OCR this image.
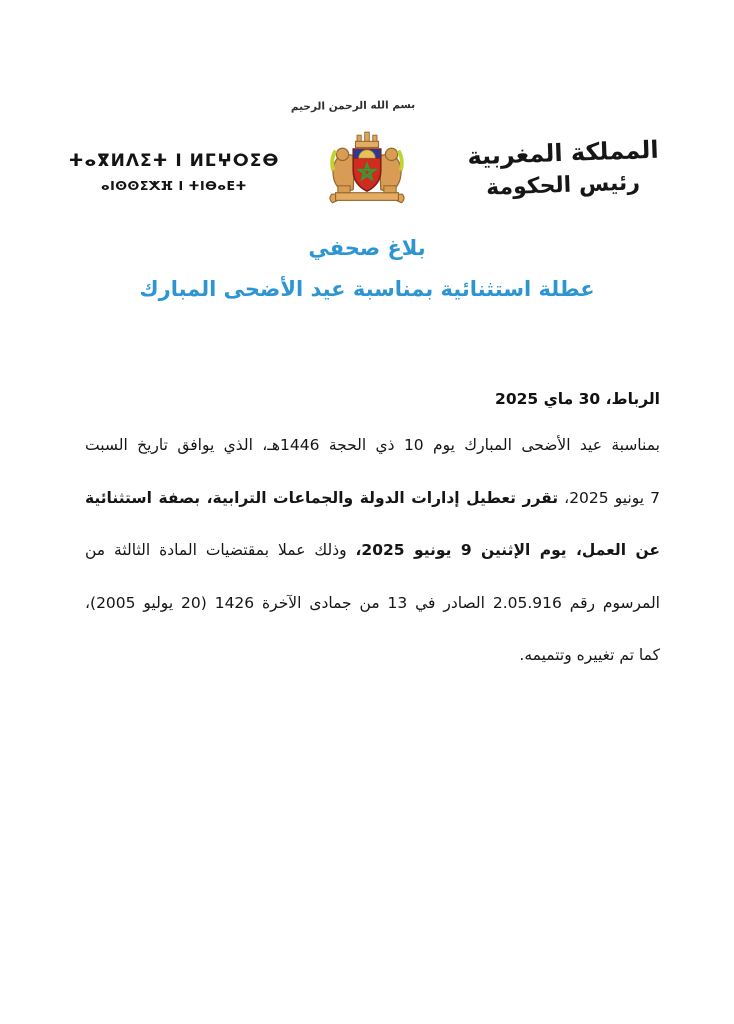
بسم الله الرحمن الرحيم
ⵜⴰⴳⵍⴷⵉⵜ ⵏ ⵍⵎⵖⵔⵉⴱ
ⴰⵏⵙⵙⵉⵅⴼ ⵏ ⵜⵏⴱⴰⴹⵜ
المملكة المغربية
رئيس الحكومة
بلاغ صحفي
عطلة استثنائية بمناسبة عيد الأضحى المبارك
الرباط، 30 ماي 2025
بمناسبة عيد الأضحى المبارك يوم 10 ذي الحجة 1446هـ، الذي يوافق تاريخ السبت
7 يونيو 2025، تقرر تعطيل إدارات الدولة والجماعات الترابية، بصفة استثنائية
عن العمل، يوم الإثنين 9 يونيو 2025، وذلك عملا بمقتضيات المادة الثالثة من
المرسوم رقم 2.05.916 الصادر في 13 من جمادى الآخرة 1426 (20 يوليو 2005)،
كما تم تغييره وتتميمه.
